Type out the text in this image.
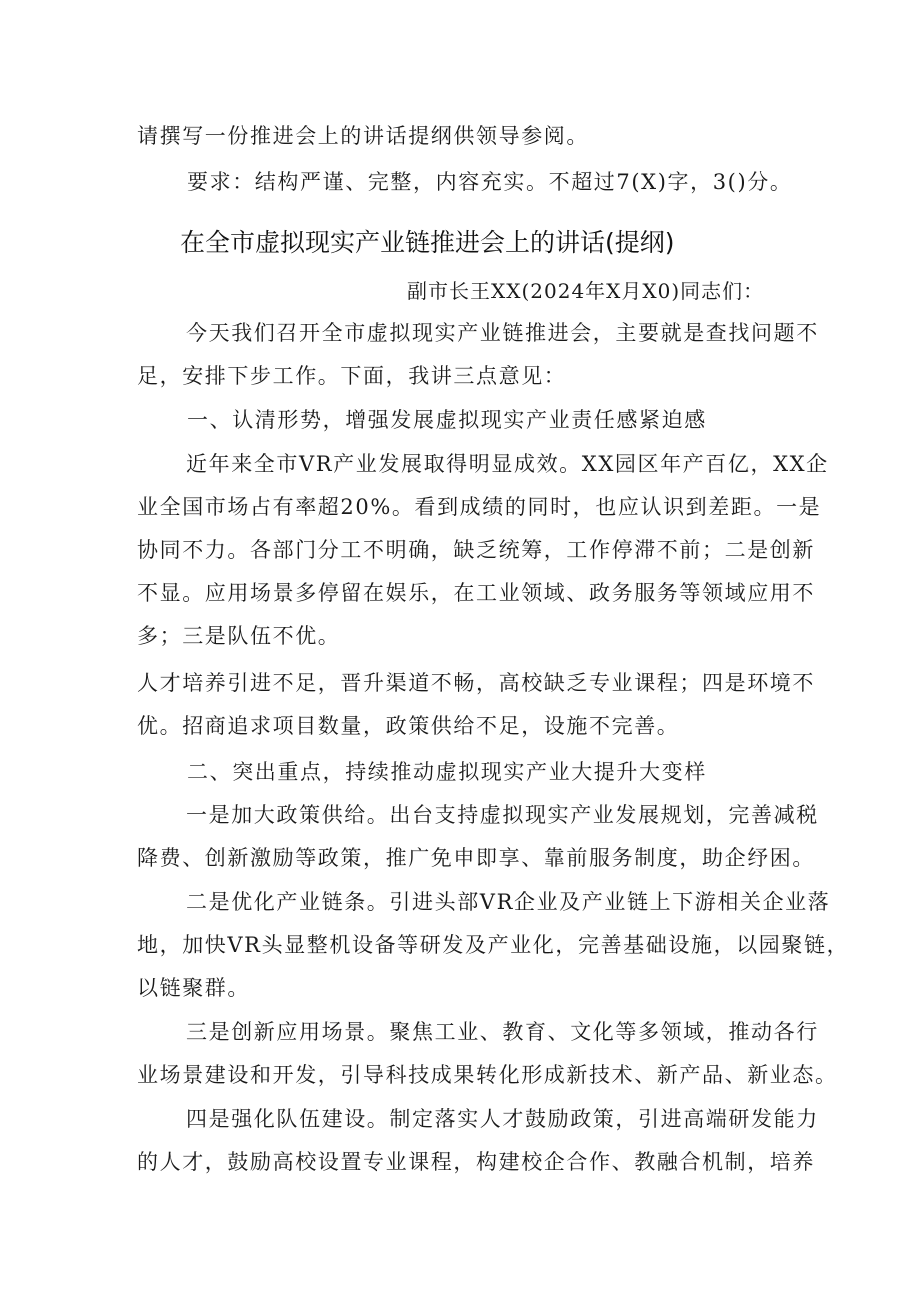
请撰写一份推进会上的讲话提纲供领导参阅。
要求：结构严谨、完整，内容充实。不超过7(X)字，3()分。
在全市虚拟现实产业链推进会上的讲话(提纲)
副市长王XX(2024年X月X0)同志们：
今天我们召开全市虚拟现实产业链推进会，主要就是查找问题不
足，安排下步工作。下面，我讲三点意见：
一、认清形势，增强发展虚拟现实产业责任感紧迫感
近年来全市VR产业发展取得明显成效。XX园区年产百亿，XX企
业全国市场占有率超20%。看到成绩的同时，也应认识到差距。一是
协同不力。各部门分工不明确，缺乏统筹，工作停滞不前；二是创新
不显。应用场景多停留在娱乐，在工业领域、政务服务等领域应用不
多；三是队伍不优。
人才培养引进不足，晋升渠道不畅，高校缺乏专业课程；四是环境不
优。招商追求项目数量，政策供给不足，设施不完善。
二、突出重点，持续推动虚拟现实产业大提升大变样
一是加大政策供给。出台支持虚拟现实产业发展规划，完善减税
降费、创新激励等政策，推广免申即享、靠前服务制度，助企纾困。
二是优化产业链条。引进头部VR企业及产业链上下游相关企业落
地，加快VR头显整机设备等研发及产业化，完善基础设施，以园聚链，
以链聚群。
三是创新应用场景。聚焦工业、教育、文化等多领域，推动各行
业场景建设和开发，引导科技成果转化形成新技术、新产品、新业态。
四是强化队伍建设。制定落实人才鼓励政策，引进高端研发能力
的人才，鼓励高校设置专业课程，构建校企合作、教融合机制，培养
